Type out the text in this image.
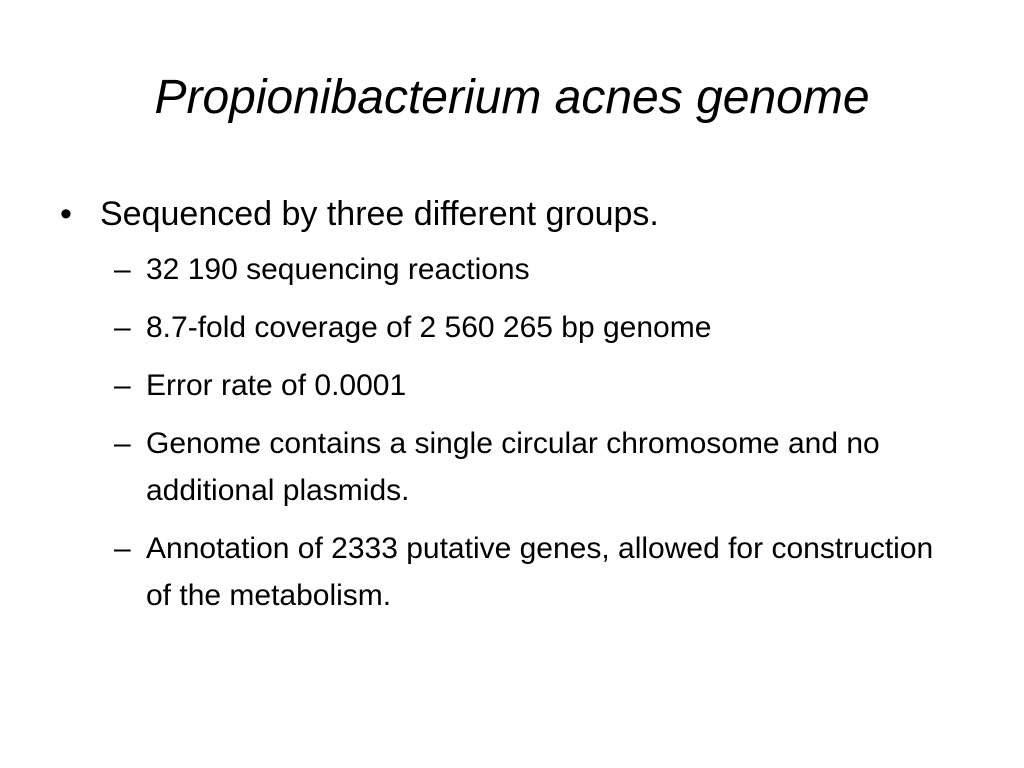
Propionibacterium acnes genome
• Sequenced by three different groups.
– 32 190 sequencing reactions
– 8.7-fold coverage of 2 560 265 bp genome
– Error rate of 0.0001
– Genome contains a single circular chromosome and no additional plasmids.
– Annotation of 2333 putative genes, allowed for construction of the metabolism.
